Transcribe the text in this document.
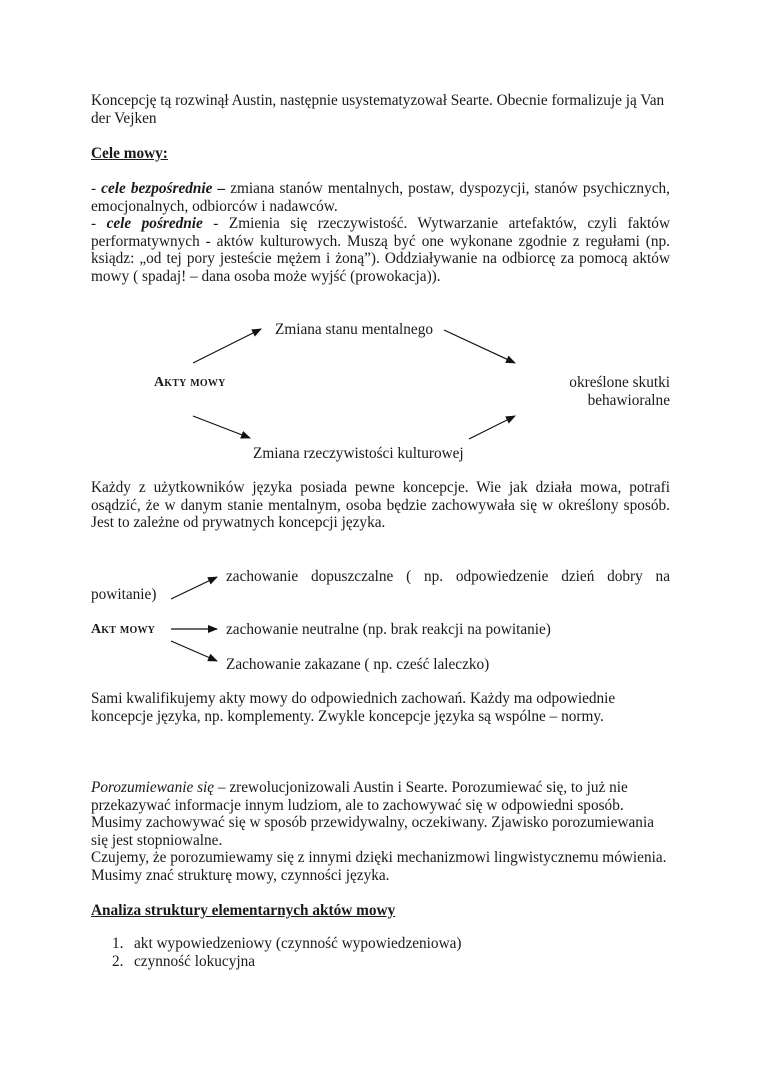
Koncepcję tą rozwinął Austin, następnie usystematyzował Searte. Obecnie formalizuje ją Van der Vejken

Cele mowy:

- cele bezpośrednie – zmiana stanów mentalnych, postaw, dyspozycji, stanów psychicznych, emocjonalnych, odbiorców i nadawców.

- cele pośrednie - Zmienia się rzeczywistość. Wytwarzanie artefaktów, czyli faktów performatywnych - aktów kulturowych. Muszą być one wykonane zgodnie z regułami (np. ksiądz: „od tej pory jesteście mężem i żoną”). Oddziaływanie na odbiorcę za pomocą aktów mowy ( spadaj! – dana osoba może wyjść (prowokacja)).

Zmiana stanu mentalnego
Akty mowy	określone skutki
behawioralne
Zmiana rzeczywistości kulturowej

Każdy z użytkowników języka posiada pewne koncepcje. Wie jak działa mowa, potrafi osądzić, że w danym stanie mentalnym, osoba będzie zachowywała się w określony sposób. Jest to zależne od prywatnych koncepcji języka.

zachowanie dopuszczalne ( np. odpowiedzenie dzień dobry na
powitanie)
Akt mowy	zachowanie neutralne (np. brak reakcji na powitanie)
Zachowanie zakazane ( np. cześć laleczko)
Sami kwalifikujemy akty mowy do odpowiednich zachowań. Każdy ma odpowiednie
koncepcje języka, np. komplementy. Zwykle koncepcje języka są wspólne – normy.
Porozumiewanie się – zrewolucjonizowali Austin i Searte. Porozumiewać się, to już nie
przekazywać informacje innym ludziom, ale to zachowywać się w odpowiedni sposób.
Musimy zachowywać się w sposób przewidywalny, oczekiwany. Zjawisko porozumiewania
się jest stopniowalne.
Czujemy, że porozumiewamy się z innymi dzięki mechanizmowi lingwistycznemu mówienia.
Musimy znać strukturę mowy, czynności języka.

Analiza struktury elementarnych aktów mowy

1. akt wypowiedzeniowy (czynność wypowiedzeniowa)
2. czynność lokucyjna
